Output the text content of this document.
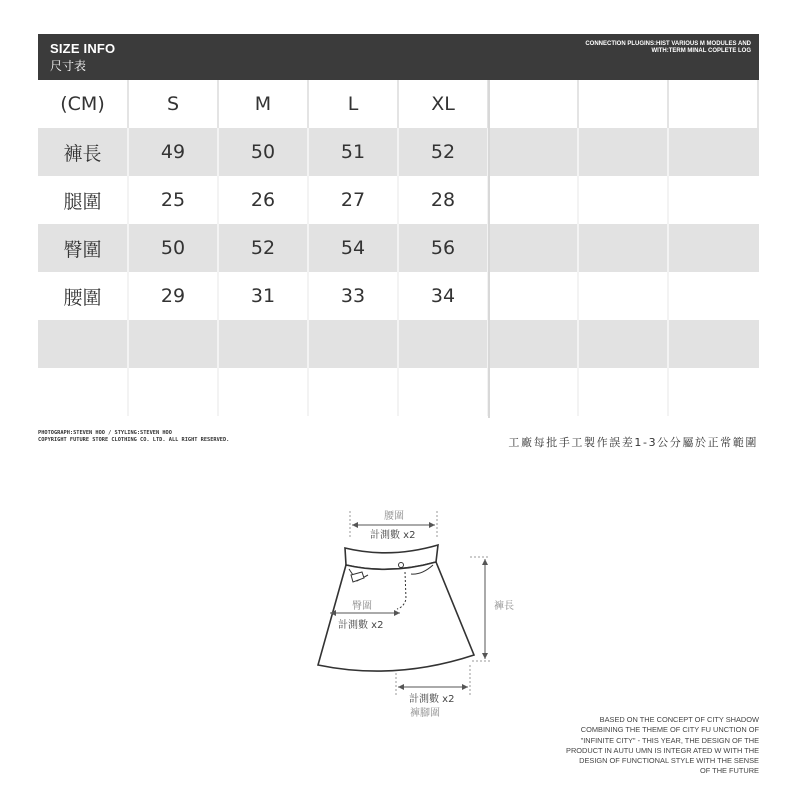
SIZE INFO
尺寸表
CONNECTION PLUGINS:HIST VARIOUS M MODULES AND
WITH:TERM MINAL COPLETE LOG
(CM)	S	M	L	XL
褲長	49	50	51	52
腿圍	25	26	27	28
臀圍	50	52	54	56
腰圍	29	31	33	34
PHOTOGRAPH:STEVEN HOO / STYLING:STEVEN HOO
COPYRIGHT FUTURE STORE CLOTHING CO. LTD. ALL RIGHT RESERVED.	工廠每批手工製作誤差1-3公分屬於正常範圍
腰圍
計測數 x2
臀圍
計測數 x2
褲長
計測數 x2
褲腳圍
BASED ON THE CONCEPT OF CITY SHADOW
COMBINING THE THEME OF CITY FU UNCTION OF
"INFINITE CITY" - THIS YEAR, THE DESIGN OF THE
PRODUCT IN AUTU UMN IS INTEGR ATED W WITH THE
DESIGN OF FUNCTIONAL STYLE WITH THE SENSE
OF THE FUTURE
